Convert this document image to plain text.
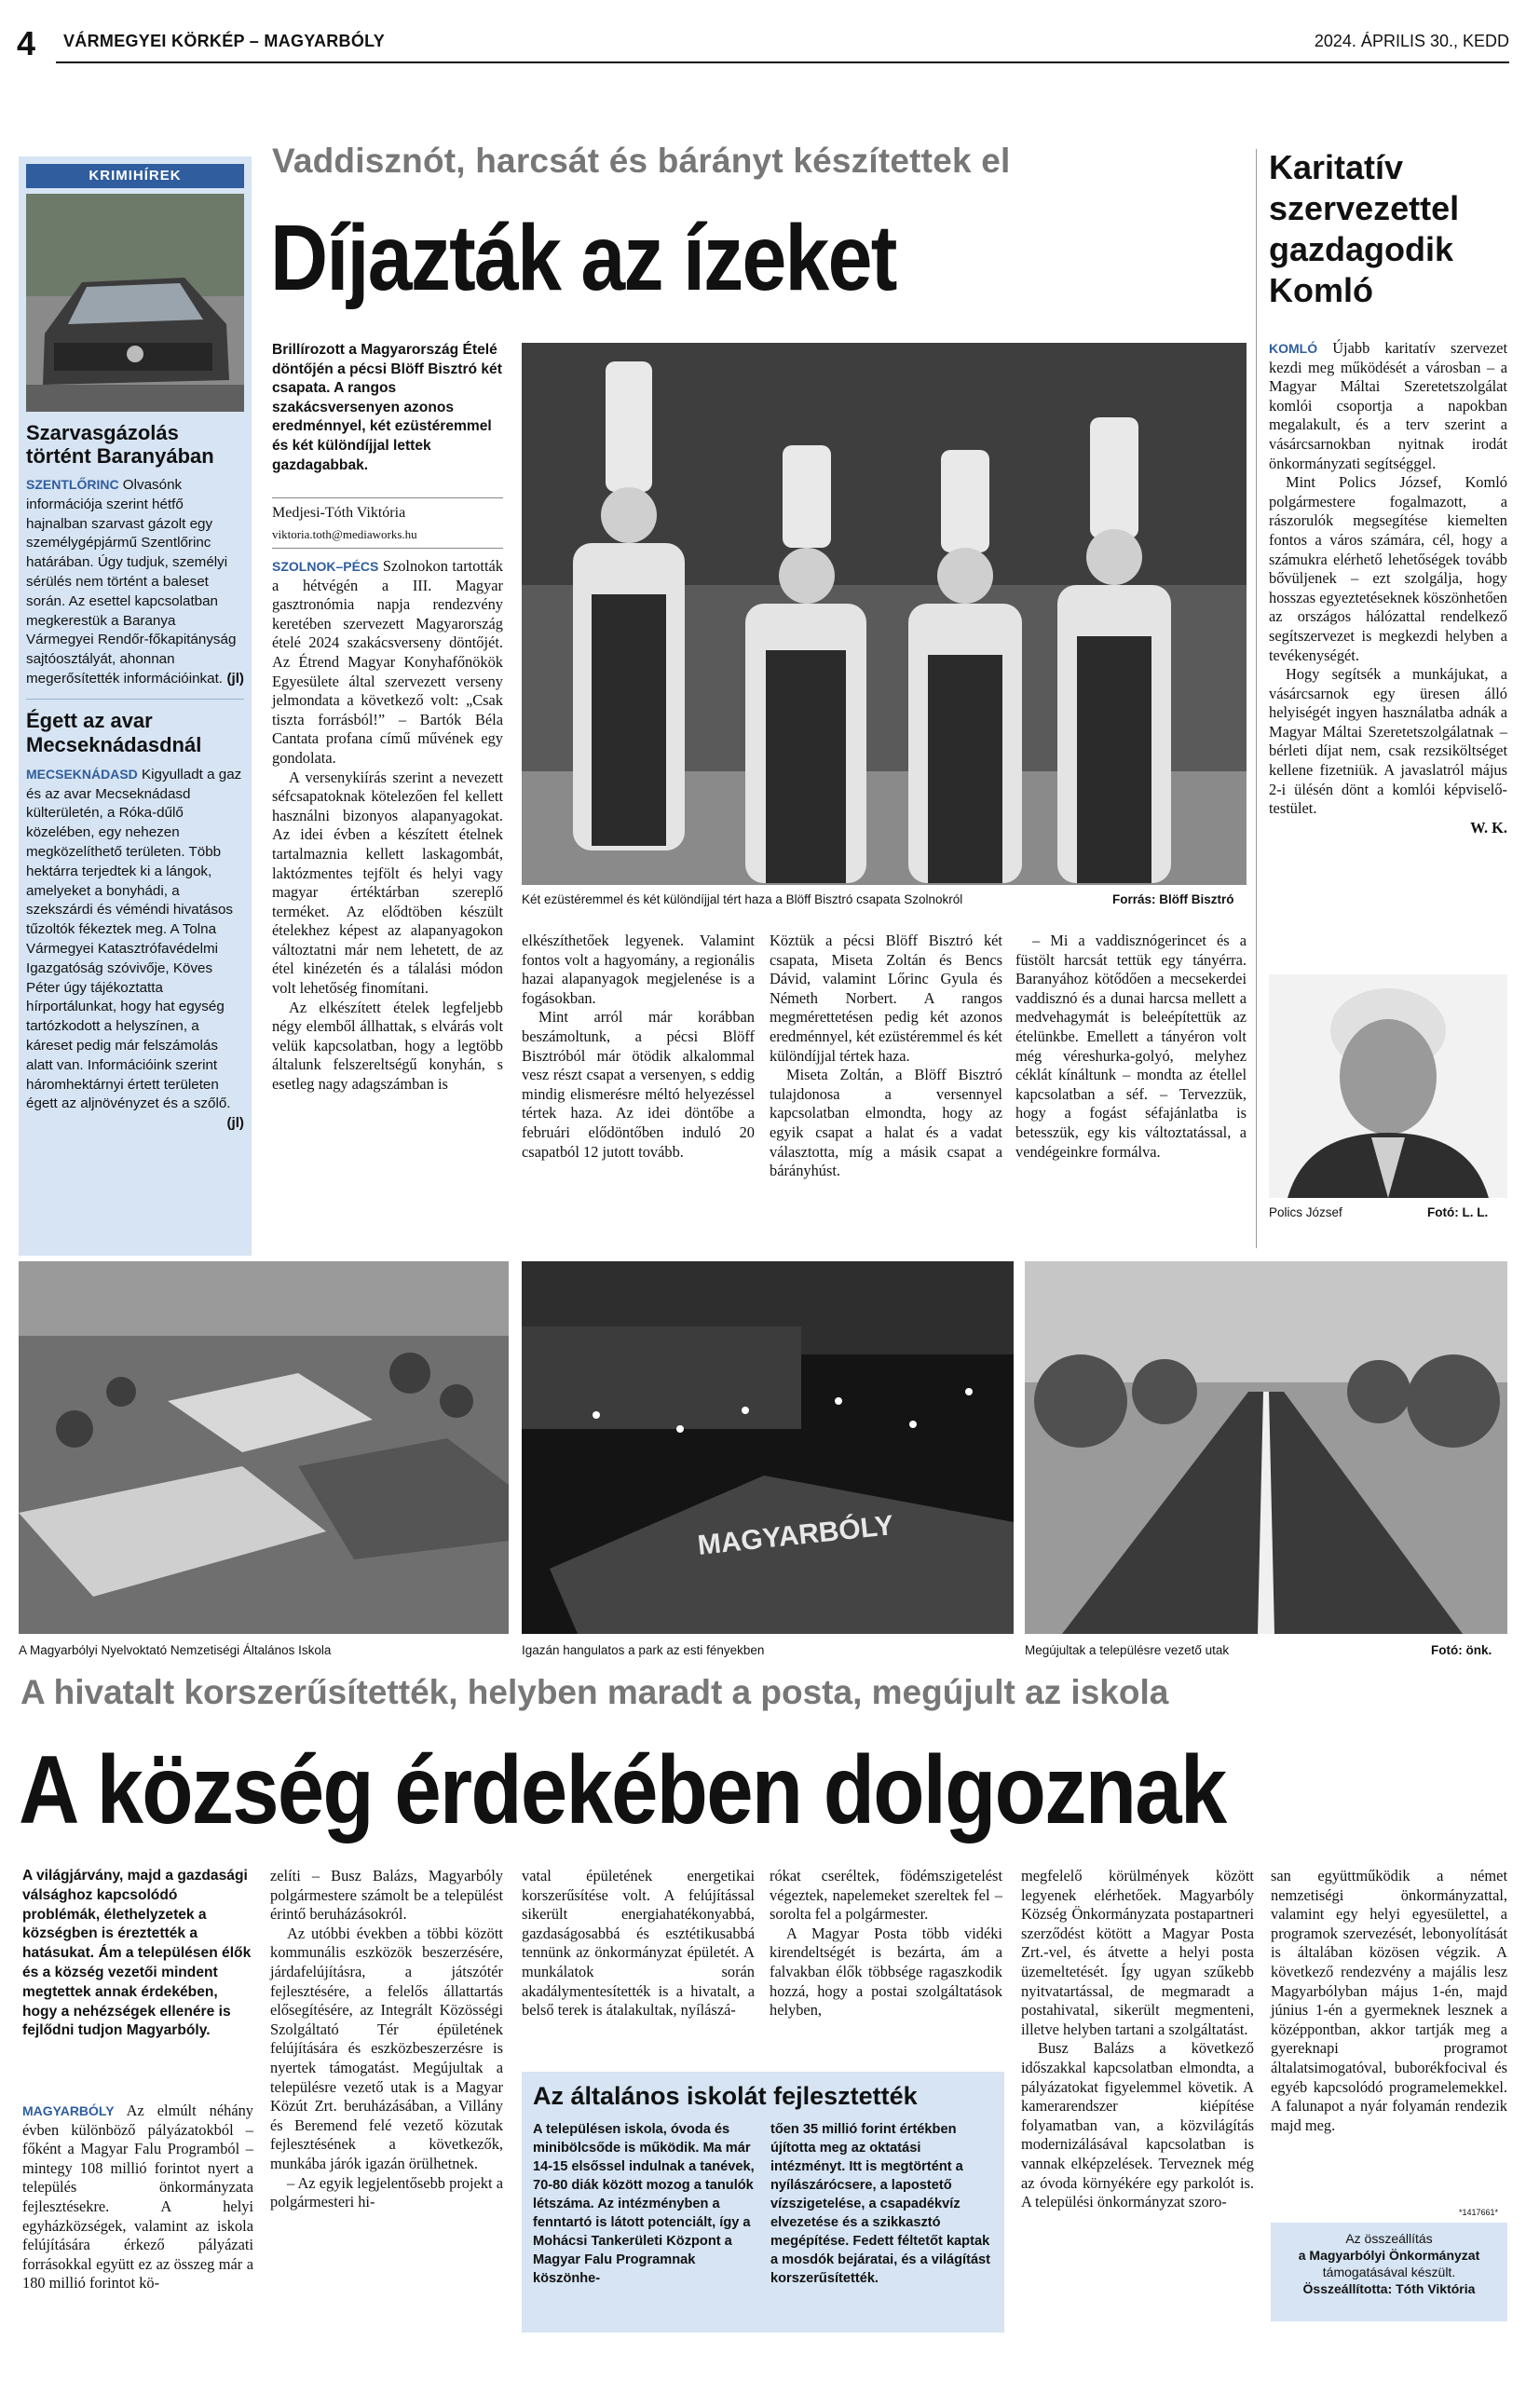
4 VÁRMEGYEI KÖRKÉP – MAGYARBÓLY	2024. ÁPRILIS 30., KEDD
KRIMIHÍREK
Szarvasgázolás történt Baranyában
SZENTLŐRINC Olvasónk információja szerint hétfő hajnalban szarvast gázolt egy személygépjármű Szentlőrinc határában. Úgy tudjuk, személyi sérülés nem történt a baleset során. Az esettel kapcsolatban megkerestük a Baranya Vármegyei Rendőr-főkapitányság sajtóosztályát, ahonnan megerősítették információinkat. (jl)
Égett az avar Mecseknádasdnál
MECSEKNÁDASD Kigyulladt a gaz és az avar Mecseknádasd külterületén, a Róka-dűlő közelében, egy nehezen megközelíthető területen. Több hektárra terjedtek ki a lángok, amelyeket a bonyhádi, a szekszárdi és véméndi hivatásos tűzoltók fékeztek meg. A Tolna Vármegyei Katasztrófavédelmi Igazgatóság szóvivője, Köves Péter úgy tájékoztatta hírportálunkat, hogy hat egység tartózkodott a helyszínen, a káreset pedig már felszámolás alatt van. Információink szerint háromhektárnyi értett területen égett az aljnövényzet és a szőlő.
(jl)
Vaddisznót, harcsát és bárányt készítettek el
Díjazták az ízeket
Brillírozott a Magyarország Ételé döntőjén a pécsi Blöff Bisztró két csapata. A rangos szakácsversenyen azonos eredménnyel, két ezüstéremmel és két különdíjjal lettek gazdagabbak.
Medjesi-Tóth Viktória
viktoria.toth@mediaworks.hu

SZOLNOK–PÉCS Szolnokon tartották a hétvégén a III. Magyar gasztronómia napja rendezvény keretében szervezett Magyarország ételé 2024 szakácsverseny döntőjét. Az Étrend Magyar Konyhafőnökök Egyesülete által szervezett verseny jelmondata a következő volt: „Csak tiszta forrásból!” – Bartók Béla Cantata profana című művének egy gondolata.

A versenykiírás szerint a nevezett séfcsapatoknak kötelezően fel kellett használni bizonyos alapanyagokat. Az idei évben a készített ételnek tartalmaznia kellett laskagombát, laktózmentes tejfölt és helyi vagy magyar értéktárban szereplő terméket. Az elődtöben készült ételekhez képest az alapanyagokon változtatni már nem lehetett, de az étel kinézetén és a tálalási módon volt lehetőség finomítani.

Az elkészített ételek legfeljebb négy elemből állhattak, s elvárás volt velük kapcsolatban, hogy a legtöbb általunk felszereltségű konyhán, s esetleg nagy adagszámban is

Két ezüstéremmel és két különdíjjal tért haza a Blöff Bisztró csapata Szolnokról	Forrás: Blöff Bisztró

elkészíthetőek legyenek. Valamint fontos volt a hagyomány, a regionális hazai alapanyagok megjelenése is a fogásokban.

Mint arról már korábban beszámoltunk, a pécsi Blöff Bisztróból már ötödik alkalommal vesz részt csapat a versenyen, s eddig mindig elismerésre méltó helyezéssel tértek haza. Az idei döntőbe a februári elődöntőben induló 20 csapatból 12 jutott tovább.

Köztük a pécsi Blöff Bisztró két csapata, Miseta Zoltán és Bencs Dávid, valamint Lőrinc Gyula és Németh Norbert. A rangos megmérettetésen pedig két azonos eredménnyel, két ezüstéremmel és két különdíjjal tértek haza.

Miseta Zoltán, a Blöff Bisztró tulajdonosa a versennyel kapcsolatban elmondta, hogy az egyik csapat a halat és a vadat választotta, míg a másik csapat a bárányhúst.

– Mi a vaddisznógerincet és a füstölt harcsát tettük egy tányérra. Baranyához kötődően a mecsekerdei vaddisznó és a dunai harcsa mellett a medvehagymát is beleépítettük az ételünkbe. Emellett a tányéron volt még véreshurka-golyó, melyhez céklát kínáltunk – mondta az étellel kapcsolatban a séf. – Tervezzük, hogy a fogást séfajánlatba is betesszük, egy kis változtatással, a vendégeinkre formálva.

Karitatív szervezettel gazdagodik Komló

KOMLÓ Újabb karitatív szervezet kezdi meg működését a városban – a Magyar Máltai Szeretetszolgálat komlói csoportja a napokban megalakult, és a terv szerint a vásárcsarnokban nyitnak irodát önkormányzati segítséggel.

Mint Polics József, Komló polgármestere fogalmazott, a rászorulók megsegítése kiemelten fontos a város számára, cél, hogy a számukra elérhető lehetőségek tovább bővüljenek – ezt szolgálja, hogy hosszas egyeztetéseknek köszönhetően az országos hálózattal rendelkező segítszervezet is megkezdi helyben a tevékenységét.

Hogy segítsék a munkájukat, a vásárcsarnok egy üresen álló helyiségét ingyen használatba adnák a Magyar Máltai Szeretetszolgálatnak – bérleti díjat nem, csak rezsiköltséget kellene fizetniük. A javaslatról május 2-i ülésén dönt a komlói képviselő-testület.

W. K.

Polics József	Fotó: L. L.
MAGYARBÓLY
A Magyarbólyi Nyelvoktató Nemzetiségi Általános Iskola	Igazán hangulatos a park az esti fényekben	Megújultak a településre vezető utak	Fotó: önk.
A hivatalt korszerűsítették, helyben maradt a posta, megújult az iskola
A község érdekében dolgoznak
A világjárvány, majd a gazdasági válsághoz kapcsolódó problémák, élethelyzetek a községben is éreztették a hatásukat. Ám a településen élők és a község vezetői mindent megtettek annak érdekében, hogy a nehézségek ellenére is fejlődni tudjon Magyarbóly.

MAGYARBÓLY Az elmúlt néhány évben különböző pályázatokból – főként a Magyar Falu Programból – mintegy 108 millió forintot nyert a település önkormányzata fejlesztésekre. A helyi egyházközségek, valamint az iskola felújítására érkező pályázati forrásokkal együtt ez az összeg már a 180 millió forintot kö-

zelíti – Busz Balázs, Magyarbóly polgármestere számolt be a települést érintő beruházásokról.

Az utóbbi években a többi között kommunális eszközök beszerzésére, járdafelújításra, a játszótér fejlesztésére, a felelős állattartás elősegítésére, az Integrált Közösségi Szolgáltató Tér épületének felújítására és eszközbeszerzésre is nyertek támogatást. Megújultak a településre vezető utak is a Magyar Közút Zrt. beruházásában, a Villány és Beremend felé vezető közutak fejlesztésének a következők, munkába járók igazán örülhetnek.

– Az egyik legjelentősebb projekt a polgármesteri hi-

vatal épületének energetikai korszerűsítése volt. A felújítással sikerült energiahatékonyabbá, gazdaságosabbá és esztétikusabbá tennünk az önkormányzat épületét. A munkálatok során akadálymentesítették is a hivatalt, a belső terek is átalakultak, nyílászá-

rókat cseréltek, födémszigetelést végeztek, napelemeket szereltek fel – sorolta fel a polgármester.

A Magyar Posta több vidéki kirendeltségét is bezárta, ám a falvakban élők többsége ragaszkodik hozzá, hogy a postai szolgáltatások helyben,

Az általános iskolát fejlesztették
A településen iskola, óvoda és minibölcsőde is működik. Ma már 14-15 elsőssel indulnak a tanévek, 70-80 diák között mozog a tanulók létszáma. Az intézményben a fenntartó is látott potenciált, így a Mohácsi Tankerületi Központ a Magyar Falu Programnak köszönhe-
tően 35 millió forint értékben újította meg az oktatási intézményt. Itt is megtörtént a nyílászárócsere, a lapostető vízszigetelése, a csapadékvíz elvezetése és a szikkasztó megépítése. Fedett féltetőt kaptak a mosdók bejáratai, és a világítást korszerűsítették.

megfelelő körülmények között legyenek elérhetőek. Magyarbóly Község Önkormányzata postapartneri szerződést kötött a Magyar Posta Zrt.-vel, és átvette a helyi posta üzemeltetését. Így ugyan szűkebb nyitvatartással, de megmaradt a postahivatal, sikerült megmenteni, illetve helyben tartani a szolgáltatást.

Busz Balázs a következő időszakkal kapcsolatban elmondta, a pályázatokat figyelemmel követik. A kamerarendszer kiépítése folyamatban van, a közvilágítás modernizálásával kapcsolatban is vannak elképzelések. Terveznek még az óvoda környékére egy parkolót is. A települési önkormányzat szoro-

san együttműködik a német nemzetiségi önkormányzattal, valamint egy helyi egyesülettel, a programok szervezését, lebonyolítását is általában közösen végzik. A következő rendezvény a majális lesz Magyarbólyban május 1-én, majd június 1-én a gyermeknek lesznek a középpontban, akkor tartják meg a gyereknapi programot általatsimogatóval, buborékfocival és egyéb kapcsolódó programelemekkel. A falunapot a nyár folyamán rendezik majd meg.

*1417661*
Az összeállítás
a Magyarbólyi Önkormányzat
támogatásával készült.
Összeállította: Tóth Viktória
